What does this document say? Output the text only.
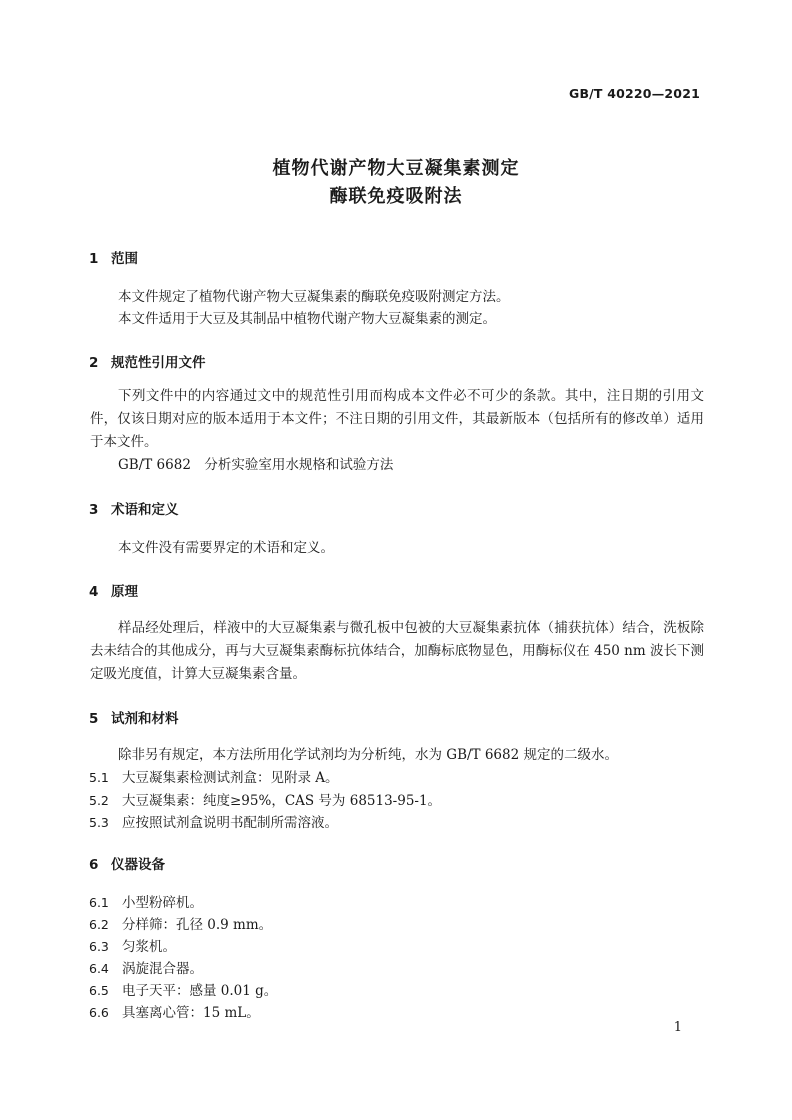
GB/T 40220—2021
植物代谢产物大豆凝集素测定
酶联免疫吸附法
1 范围
本文件规定了植物代谢产物大豆凝集素的酶联免疫吸附测定方法。
本文件适用于大豆及其制品中植物代谢产物大豆凝集素的测定。
2 规范性引用文件
下列文件中的内容通过文中的规范性引用而构成本文件必不可少的条款。其中，注日期的引用文件，仅该日期对应的版本适用于本文件；不注日期的引用文件，其最新版本（包括所有的修改单）适用于本文件。
GB/T 6682　分析实验室用水规格和试验方法
3 术语和定义
本文件没有需要界定的术语和定义。
4 原理
样品经处理后，样液中的大豆凝集素与微孔板中包被的大豆凝集素抗体（捕获抗体）结合，洗板除去未结合的其他成分，再与大豆凝集素酶标抗体结合，加酶标底物显色，用酶标仪在 450 nm 波长下测定吸光度值，计算大豆凝集素含量。
5 试剂和材料
除非另有规定，本方法所用化学试剂均为分析纯，水为 GB/T 6682 规定的二级水。
5.1 大豆凝集素检测试剂盒：见附录 A。
5.2 大豆凝集素：纯度≥95%，CAS 号为 68513-95-1。
5.3 应按照试剂盒说明书配制所需溶液。
6 仪器设备
6.1 小型粉碎机。
6.2 分样筛：孔径 0.9 mm。
6.3 匀浆机。
6.4 涡旋混合器。
6.5 电子天平：感量 0.01 g。
6.6 具塞离心管：15 mL。
1
